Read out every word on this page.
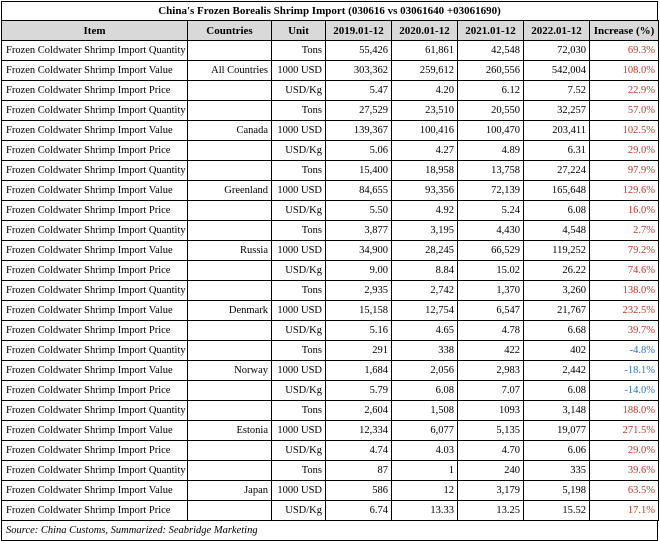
China's Frozen Borealis Shrimp Import (030616 vs 03061640 +03061690)
Item	Countries	Unit	2019.01-12	2020.01-12	2021.01-12	2022.01-12	Increase (%)
Frozen Coldwater Shrimp Import Quantity		Tons	55,426	61,861	42,548	72,030	69.3%
Frozen Coldwater Shrimp Import Value	All Countries	1000 USD	303,362	259,612	260,556	542,004	108.0%
Frozen Coldwater Shrimp Import Price		USD/Kg	5.47	4.20	6.12	7.52	22.9%
Frozen Coldwater Shrimp Import Quantity		Tons	27,529	23,510	20,550	32,257	57.0%
Frozen Coldwater Shrimp Import Value	Canada	1000 USD	139,367	100,416	100,470	203,411	102.5%
Frozen Coldwater Shrimp Import Price		USD/Kg	5.06	4.27	4.89	6.31	29.0%
Frozen Coldwater Shrimp Import Quantity		Tons	15,400	18,958	13,758	27,224	97.9%
Frozen Coldwater Shrimp Import Value	Greenland	1000 USD	84,655	93,356	72,139	165,648	129.6%
Frozen Coldwater Shrimp Import Price		USD/Kg	5.50	4.92	5.24	6.08	16.0%
Frozen Coldwater Shrimp Import Quantity		Tons	3,877	3,195	4,430	4,548	2.7%
Frozen Coldwater Shrimp Import Value	Russia	1000 USD	34,900	28,245	66,529	119,252	79.2%
Frozen Coldwater Shrimp Import Price		USD/Kg	9.00	8.84	15.02	26.22	74.6%
Frozen Coldwater Shrimp Import Quantity		Tons	2,935	2,742	1,370	3,260	138.0%
Frozen Coldwater Shrimp Import Value	Denmark	1000 USD	15,158	12,754	6,547	21,767	232.5%
Frozen Coldwater Shrimp Import Price		USD/Kg	5.16	4.65	4.78	6.68	39.7%
Frozen Coldwater Shrimp Import Quantity		Tons	291	338	422	402	-4.8%
Frozen Coldwater Shrimp Import Value	Norway	1000 USD	1,684	2,056	2,983	2,442	-18.1%
Frozen Coldwater Shrimp Import Price		USD/Kg	5.79	6.08	7.07	6.08	-14.0%
Frozen Coldwater Shrimp Import Quantity		Tons	2,604	1,508	1093	3,148	188.0%
Frozen Coldwater Shrimp Import Value	Estonia	1000 USD	12,334	6,077	5,135	19,077	271.5%
Frozen Coldwater Shrimp Import Price		USD/Kg	4.74	4.03	4.70	6.06	29.0%
Frozen Coldwater Shrimp Import Quantity		Tons	87	1	240	335	39.6%
Frozen Coldwater Shrimp Import Value	Japan	1000 USD	586	12	3,179	5,198	63.5%
Frozen Coldwater Shrimp Import Price		USD/Kg	6.74	13.33	13.25	15.52	17.1%
Source: China Customs, Summarized: Seabridge Marketing
